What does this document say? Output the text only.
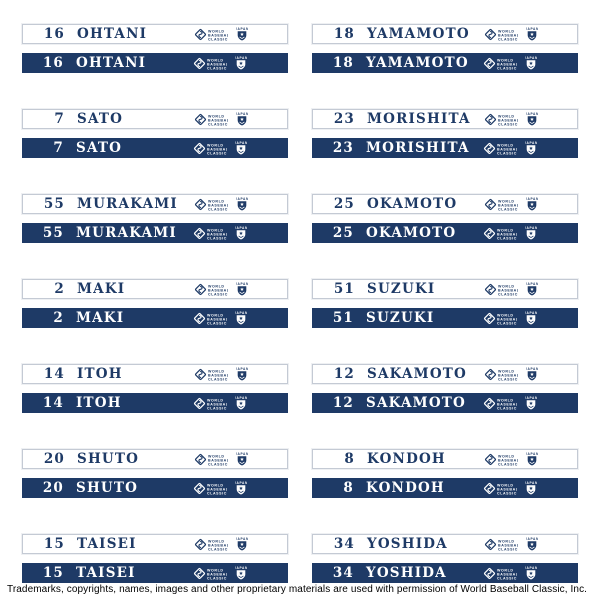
16 OHTANI
16 OHTANI
7 SATO
7 SATO
55 MURAKAMI
55 MURAKAMI
2 MAKI
2 MAKI
14 ITOH
14 ITOH
20 SHUTO
20 SHUTO
15 TAISEI
15 TAISEI
18 YAMAMOTO
18 YAMAMOTO
23 MORISHITA
23 MORISHITA
25 OKAMOTO
25 OKAMOTO
51 SUZUKI
51 SUZUKI
12 SAKAMOTO
12 SAKAMOTO
8 KONDOH
8 KONDOH
34 YOSHIDA
34 YOSHIDA
Trademarks, copyrights, names, images and other proprietary materials are used with permission of World Baseball Classic, Inc.
